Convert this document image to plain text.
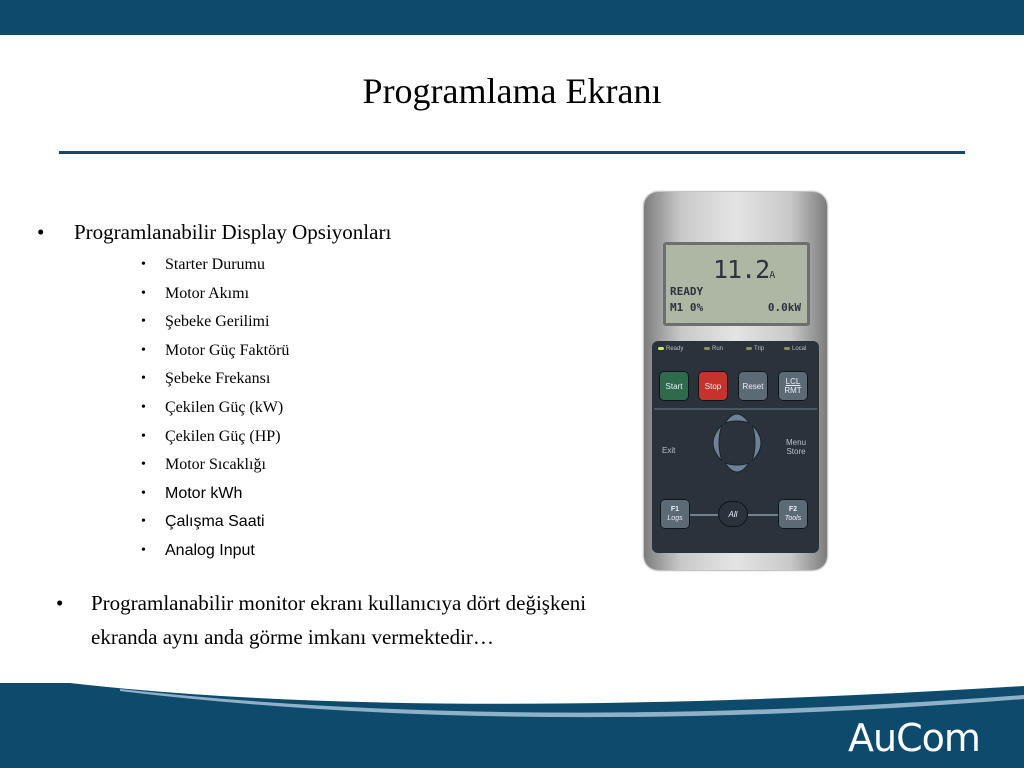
Programlama Ekranı
• Programlanabilir Display Opsiyonları
• Starter Durumu
• Motor Akımı
• Şebeke Gerilimi
• Motor Güç Faktörü
• Şebeke Frekansı
• Çekilen Güç (kW)
• Çekilen Güç (HP)
• Motor Sıcaklığı
• Motor kWh
• Çalışma Saati
• Analog Input
• Programlanabilir monitor ekranı kullanıcıya dört değişkeni
ekranda aynı anda görme imkanı vermektedir…
11.2A
READY
M1 0%	0.0kW
Ready	Run	Trip	Local
Start	Stop	Reset	LCL
RMT
Exit
Menu
Store
F1
Logs	All	F2
Tools
AuCom
